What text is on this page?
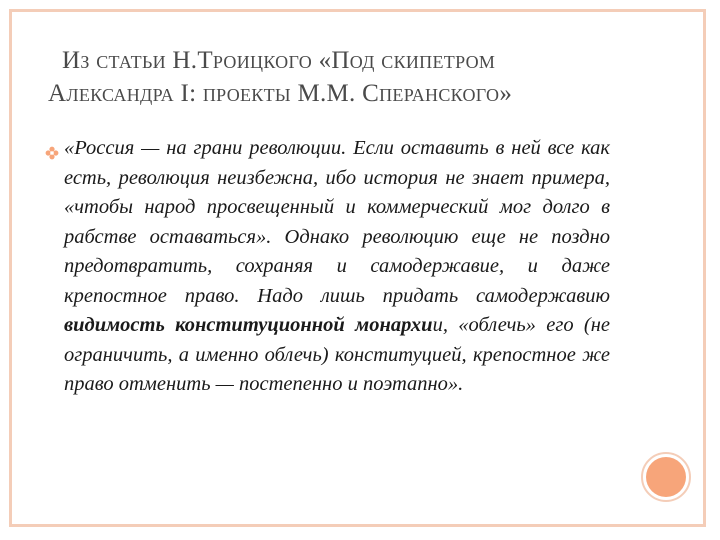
Из статьи Н.Троицкого «Под скипетром
Александра I: проекты М.М. Сперанского»
«Россия — на грани революции. Если оставить в ней все как есть, революция неизбежна, ибо история не знает примера, «чтобы народ просвещенный и коммерческий мог долго в рабстве оставаться». Однако революцию еще не поздно предотвратить, сохраняя и самодержавие, и даже крепостное право. Надо лишь придать самодержавию видимость конституционной монархии, «облечь» его (не ограничить, а именно облечь) конституцией, крепостное же право отменить — постепенно и поэтапно».
